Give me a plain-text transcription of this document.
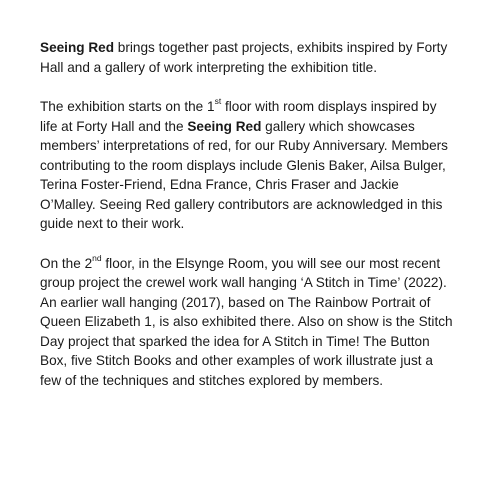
Seeing Red brings together past projects, exhibits inspired by Forty Hall and a gallery of work interpreting the exhibition title.

The exhibition starts on the 1st floor with room displays inspired by life at Forty Hall and the Seeing Red gallery which showcases members’ interpretations of red, for our Ruby Anniversary. Members contributing to the room displays include Glenis Baker, Ailsa Bulger, Terina Foster-Friend, Edna France, Chris Fraser and Jackie O’Malley. Seeing Red gallery contributors are acknowledged in this guide next to their work.

On the 2nd floor, in the Elsynge Room, you will see our most recent group project the crewel work wall hanging ‘A Stitch in Time’ (2022). An earlier wall hanging (2017), based on The Rainbow Portrait of Queen Elizabeth 1, is also exhibited there. Also on show is the Stitch Day project that sparked the idea for A Stitch in Time! The Button Box, five Stitch Books and other examples of work illustrate just a few of the techniques and stitches explored by members.
